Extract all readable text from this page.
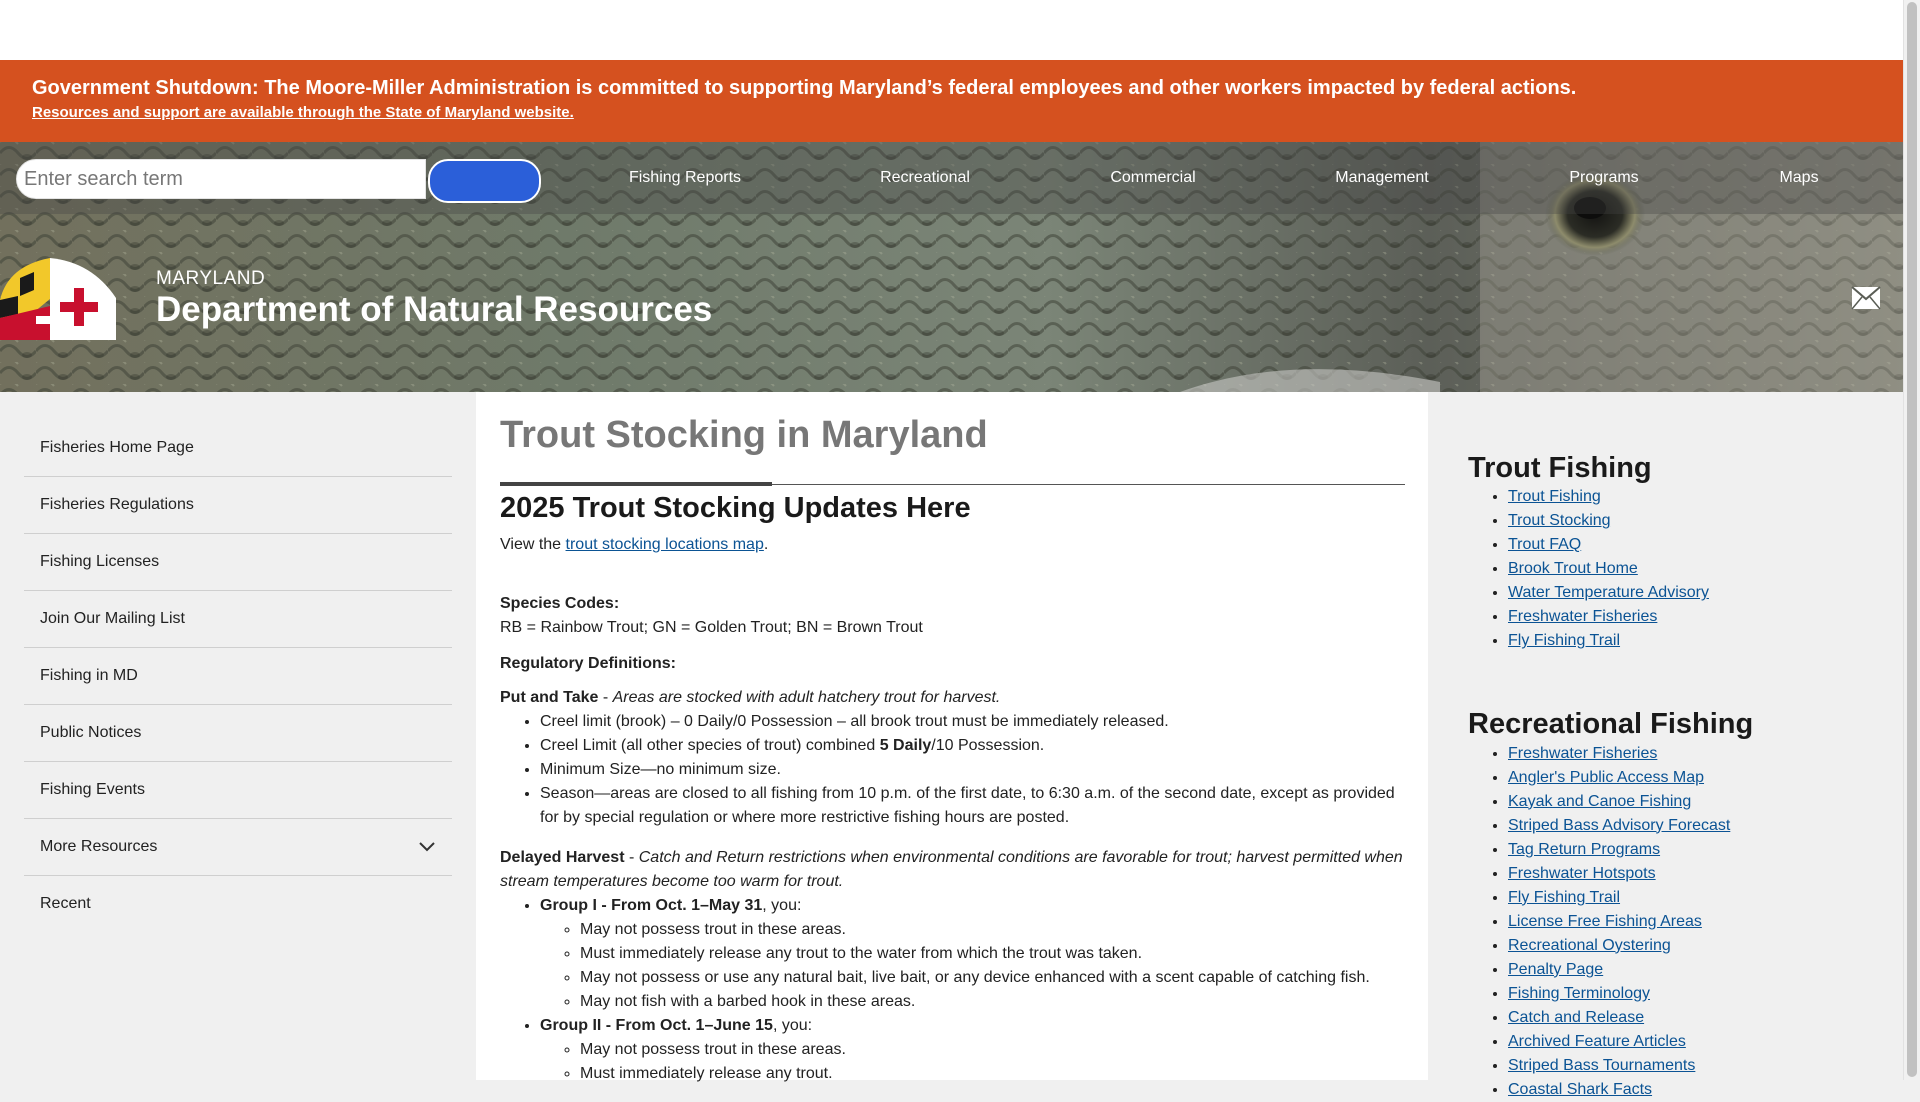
Government Shutdown: The Moore-Miller Administration is committed to supporting Maryland’s federal employees and other workers impacted by federal actions.
Resources and support are available through the State of Maryland website.
Enter search term
Fishing Reports	Recreational	Commercial	Management	Programs	Maps
MARYLAND
Department of Natural Resources
Fisheries Home Page
Fisheries Regulations
Fishing Licenses
Join Our Mailing List
Fishing in MD
Public Notices
Fishing Events
More Resources
Recent
Trout Stocking in Maryland
2025 Trout Stocking Updates Here

View the trout stocking locations map.

Species Codes:

RB = Rainbow Trout; GN = Golden Trout; BN = Brown Trout

Regulatory Definitions:

Put and Take - Areas are stocked with adult hatchery trout for harvest.

• Creel limit (brook) – 0 Daily/0 Possession – all brook trout must be immediately released.
• Creel Limit (all other species of trout) combined 5 Daily/10 Possession.
• Minimum Size—no minimum size.
• Season—areas are closed to all fishing from 10 p.m. of the first date, to 6:30 a.m. of the second date, except as provided for by special regulation or where more restrictive fishing hours are posted.

Delayed Harvest - Catch and Return restrictions when environmental conditions are favorable for trout; harvest permitted when stream temperatures become too warm for trout.

• Group I - From Oct. 1–May 31, you:
◦ May not possess trout in these areas.
◦ Must immediately release any trout to the water from which the trout was taken.
◦ May not possess or use any natural bait, live bait, or any device enhanced with a scent capable of catching fish.
◦ May not fish with a barbed hook in these areas.
• Group II - From Oct. 1–June 15, you:
◦ May not possess trout in these areas.
◦ Must immediately release any trout.
Trout Fishing
• Trout Fishing
• Trout Stocking
• Trout FAQ
• Brook Trout Home
• Water Temperature Advisory
• Freshwater Fisheries
• Fly Fishing Trail
Recreational Fishing
• Freshwater Fisheries
• Angler's Public Access Map
• Kayak and Canoe Fishing
• Striped Bass Advisory Forecast
• Tag Return Programs
• Freshwater Hotspots
• Fly Fishing Trail
• License Free Fishing Areas
• Recreational Oystering
• Penalty Page
• Fishing Terminology
• Catch and Release
• Archived Feature Articles
• Striped Bass Tournaments
• Coastal Shark Facts
